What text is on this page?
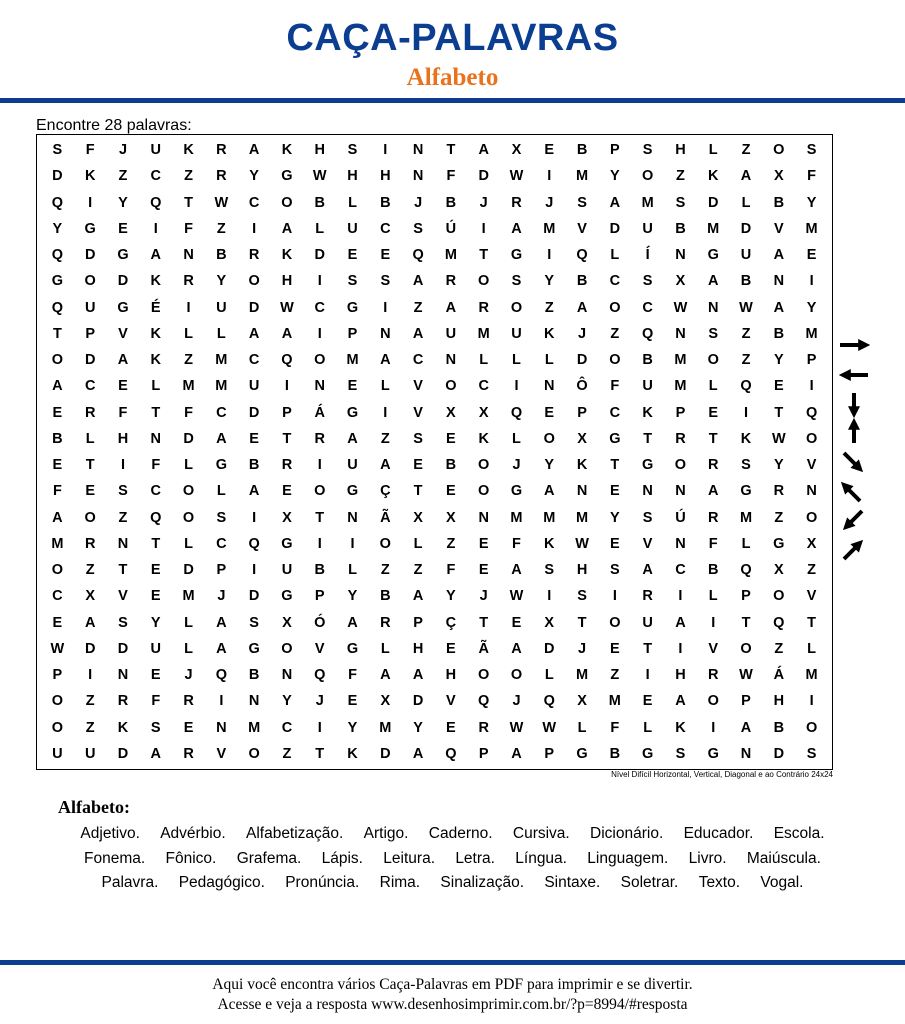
CAÇA-PALAVRAS
Alfabeto
Encontre 28 palavras:
S	F	J	U	K	R	A	K	H	S	I	N	T	A	X	E	B	P	S	H	L	Z	O	S
D	K	Z	C	Z	R	Y	G	W	H	H	N	F	D	W	I	M	Y	O	Z	K	A	X	F
Q	I	Y	Q	T	W	C	O	B	L	B	J	B	J	R	J	S	A	M	S	D	L	B	Y
Y	G	E	I	F	Z	I	A	L	U	C	S	Ú	I	A	M	V	D	U	B	M	D	V	M
Q	D	G	A	N	B	R	K	D	E	E	Q	M	T	G	I	Q	L	Í	N	G	U	A	E
G	O	D	K	R	Y	O	H	I	S	S	A	R	O	S	Y	B	C	S	X	A	B	N	I
Q	U	G	É	I	U	D	W	C	G	I	Z	A	R	O	Z	A	O	C	W	N	W	A	Y
T	P	V	K	L	L	A	A	I	P	N	A	U	M	U	K	J	Z	Q	N	S	Z	B	M
O	D	A	K	Z	M	C	Q	O	M	A	C	N	L	L	L	D	O	B	M	O	Z	Y	P
A	C	E	L	M	M	U	I	N	E	L	V	O	C	I	N	Ô	F	U	M	L	Q	E	I
E	R	F	T	F	C	D	P	Á	G	I	V	X	X	Q	E	P	C	K	P	E	I	T	Q
B	L	H	N	D	A	E	T	R	A	Z	S	E	K	L	O	X	G	T	R	T	K	W	O
E	T	I	F	L	G	B	R	I	U	A	E	B	O	J	Y	K	T	G	O	R	S	Y	V
F	E	S	C	O	L	A	E	O	G	Ç	T	E	O	G	A	N	E	N	N	A	G	R	N
A	O	Z	Q	O	S	I	X	T	N	Ã	X	X	N	M	M	M	Y	S	Ú	R	M	Z	O
M	R	N	T	L	C	Q	G	I	I	O	L	Z	E	F	K	W	E	V	N	F	L	G	X
O	Z	T	E	D	P	I	U	B	L	Z	Z	F	E	A	S	H	S	A	C	B	Q	X	Z
C	X	V	E	M	J	D	G	P	Y	B	A	Y	J	W	I	S	I	R	I	L	P	O	V
E	A	S	Y	L	A	S	X	Ó	A	R	P	Ç	T	E	X	T	O	U	A	I	T	Q	T
W	D	D	U	L	A	G	O	V	G	L	H	E	Ã	A	D	J	E	T	I	V	O	Z	L
P	I	N	E	J	Q	B	N	Q	F	A	A	H	O	O	L	M	Z	I	H	R	W	Á	M
O	Z	R	F	R	I	N	Y	J	E	X	D	V	Q	J	Q	X	M	E	A	O	P	H	I
O	Z	K	S	E	N	M	C	I	Y	M	Y	E	R	W	W	L	F	L	K	I	A	B	O
U	U	D	A	R	V	O	Z	T	K	D	A	Q	P	A	P	G	B	G	S	G	N	D	S
Nível Difícil Horizontal, Vertical, Diagonal e ao Contrário 24x24
Alfabeto:
Adjetivo. Advérbio. Alfabetização. Artigo. Caderno. Cursiva. Dicionário. Educador. Escola. Fonema. Fônico. Grafema. Lápis. Leitura. Letra. Língua. Linguagem. Livro. Maiúscula. Palavra. Pedagógico. Pronúncia. Rima. Sinalização. Sintaxe. Soletrar. Texto. Vogal.
Aqui você encontra vários Caça-Palavras em PDF para imprimir e se divertir.
Acesse e veja a resposta www.desenhosimprimir.com.br/?p=8994/#resposta
